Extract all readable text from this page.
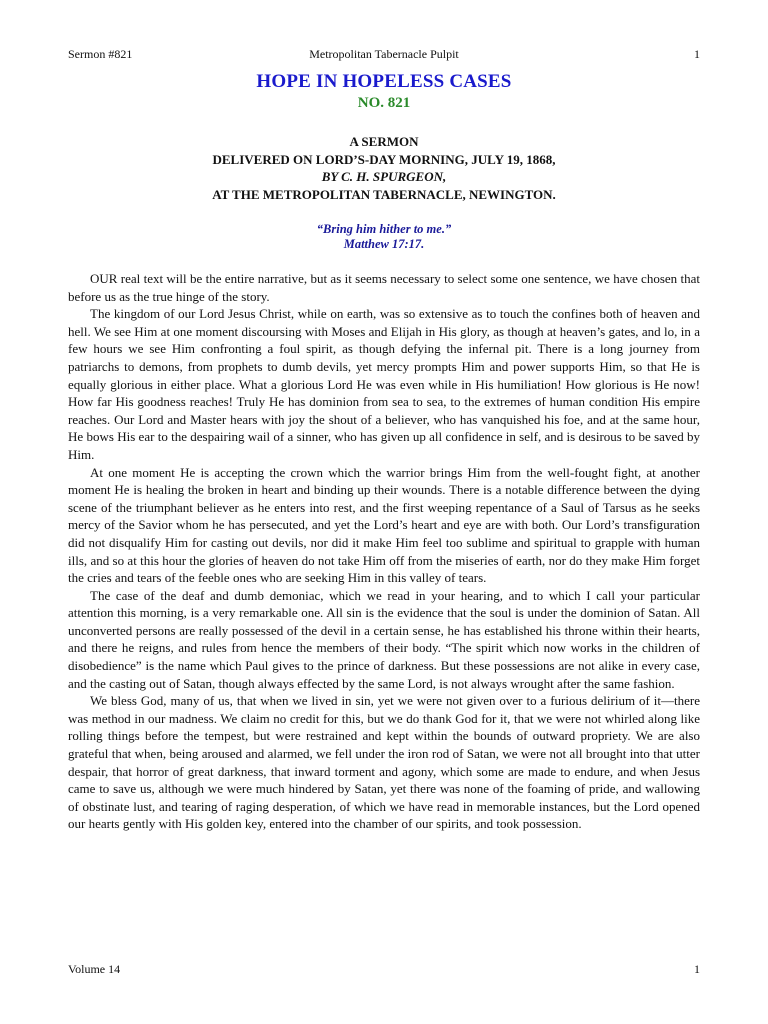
Sermon #821	Metropolitan Tabernacle Pulpit	1
HOPE IN HOPELESS CASES
NO. 821
A SERMON
DELIVERED ON LORD’S-DAY MORNING, JULY 19, 1868,
BY C. H. SPURGEON,
AT THE METROPOLITAN TABERNACLE, NEWINGTON.
“Bring him hither to me.”
Matthew 17:17.

OUR real text will be the entire narrative, but as it seems necessary to select some one sentence, we have chosen that before us as the true hinge of the story.

The kingdom of our Lord Jesus Christ, while on earth, was so extensive as to touch the confines both of heaven and hell. We see Him at one moment discoursing with Moses and Elijah in His glory, as though at heaven’s gates, and lo, in a few hours we see Him confronting a foul spirit, as though defying the infernal pit. There is a long journey from patriarchs to demons, from prophets to dumb devils, yet mercy prompts Him and power supports Him, so that He is equally glorious in either place. What a glorious Lord He was even while in His humiliation! How glorious is He now! How far His goodness reaches! Truly He has dominion from sea to sea, to the extremes of human condition His empire reaches. Our Lord and Master hears with joy the shout of a believer, who has vanquished his foe, and at the same hour, He bows His ear to the despairing wail of a sinner, who has given up all confidence in self, and is desirous to be saved by Him.

At one moment He is accepting the crown which the warrior brings Him from the well-fought fight, at another moment He is healing the broken in heart and binding up their wounds. There is a notable difference between the dying scene of the triumphant believer as he enters into rest, and the first weeping repentance of a Saul of Tarsus as he seeks mercy of the Savior whom he has persecuted, and yet the Lord’s heart and eye are with both. Our Lord’s transfiguration did not disqualify Him for casting out devils, nor did it make Him feel too sublime and spiritual to grapple with human ills, and so at this hour the glories of heaven do not take Him off from the miseries of earth, nor do they make Him forget the cries and tears of the feeble ones who are seeking Him in this valley of tears.

The case of the deaf and dumb demoniac, which we read in your hearing, and to which I call your particular attention this morning, is a very remarkable one. All sin is the evidence that the soul is under the dominion of Satan. All unconverted persons are really possessed of the devil in a certain sense, he has established his throne within their hearts, and there he reigns, and rules from hence the members of their body. “The spirit which now works in the children of disobedience” is the name which Paul gives to the prince of darkness. But these possessions are not alike in every case, and the casting out of Satan, though always effected by the same Lord, is not always wrought after the same fashion.

We bless God, many of us, that when we lived in sin, yet we were not given over to a furious delirium of it—there was method in our madness. We claim no credit for this, but we do thank God for it, that we were not whirled along like rolling things before the tempest, but were restrained and kept within the bounds of outward propriety. We are also grateful that when, being aroused and alarmed, we fell under the iron rod of Satan, we were not all brought into that utter despair, that horror of great darkness, that inward torment and agony, which some are made to endure, and when Jesus came to save us, although we were much hindered by Satan, yet there was none of the foaming of pride, and wallowing of obstinate lust, and tearing of raging desperation, of which we have read in memorable instances, but the Lord opened our hearts gently with His golden key, entered into the chamber of our spirits, and took possession.

Volume 14	1
